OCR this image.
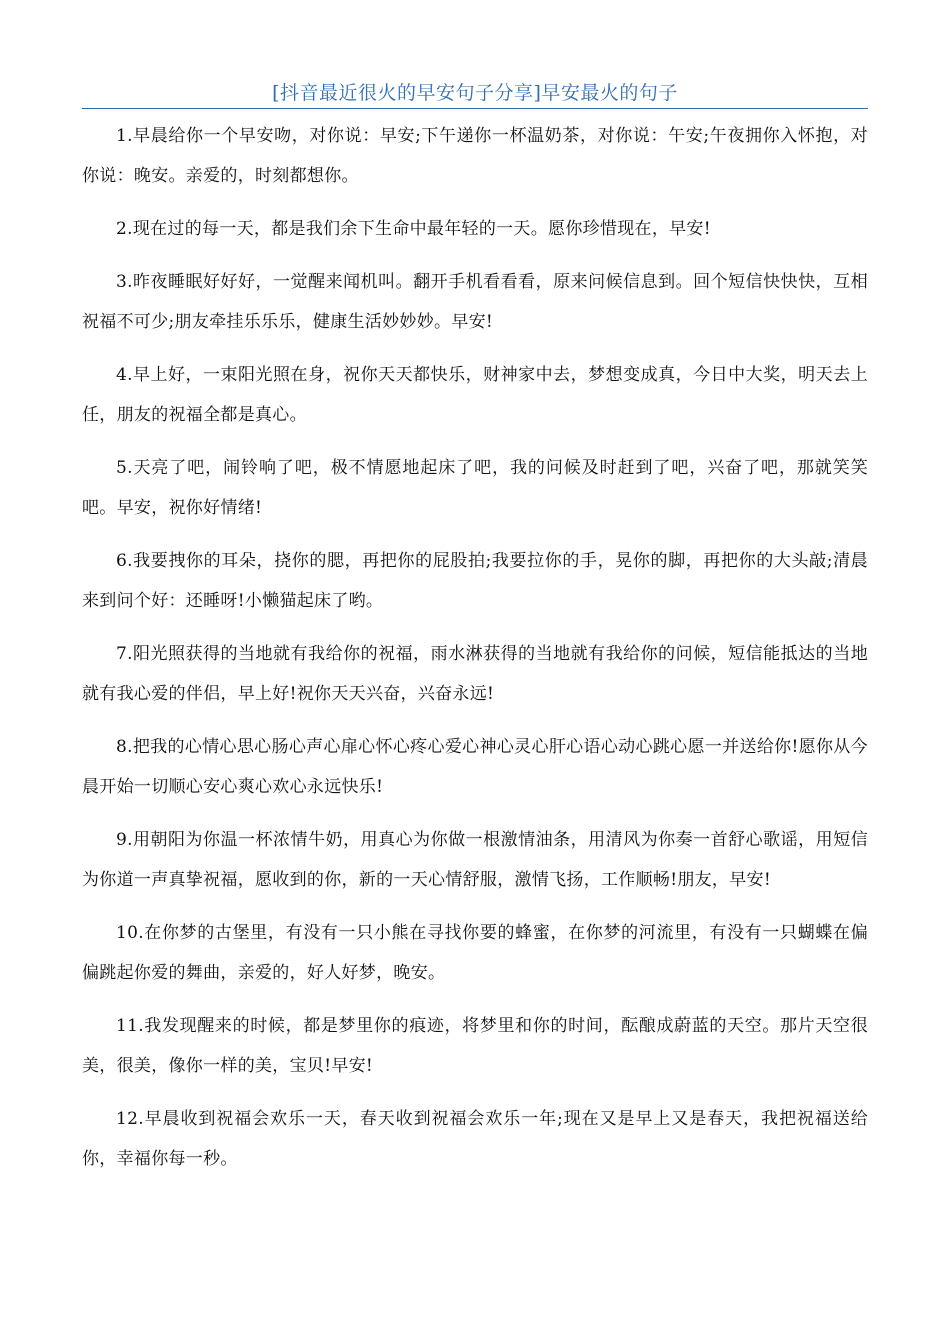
[抖音最近很火的早安句子分享]早安最火的句子

1.早晨给你一个早安吻，对你说：早安;下午递你一杯温奶茶，对你说：午安;午夜拥你入怀抱，对你说：晚安。亲爱的，时刻都想你。

2.现在过的每一天，都是我们余下生命中最年轻的一天。愿你珍惜现在，早安!

3.昨夜睡眠好好好，一觉醒来闻机叫。翻开手机看看看，原来问候信息到。回个短信快快快，互相祝福不可少;朋友牵挂乐乐乐，健康生活妙妙妙。早安!

4.早上好，一束阳光照在身，祝你天天都快乐，财神家中去，梦想变成真，今日中大奖，明天去上任，朋友的祝福全都是真心。

5.天亮了吧，闹铃响了吧，极不情愿地起床了吧，我的问候及时赶到了吧，兴奋了吧，那就笑笑吧。早安，祝你好情绪!

6.我要拽你的耳朵，挠你的腮，再把你的屁股拍;我要拉你的手，晃你的脚，再把你的大头敲;清晨来到问个好：还睡呀!小懒猫起床了哟。

7.阳光照获得的当地就有我给你的祝福，雨水淋获得的当地就有我给你的问候，短信能抵达的当地就有我心爱的伴侣，早上好!祝你天天兴奋，兴奋永远!

8.把我的心情心思心肠心声心扉心怀心疼心爱心神心灵心肝心语心动心跳心愿一并送给你!愿你从今晨开始一切顺心安心爽心欢心永远快乐!

9.用朝阳为你温一杯浓情牛奶，用真心为你做一根激情油条，用清风为你奏一首舒心歌谣，用短信为你道一声真挚祝福，愿收到的你，新的一天心情舒服，激情飞扬，工作顺畅!朋友，早安!

10.在你梦的古堡里，有没有一只小熊在寻找你要的蜂蜜，在你梦的河流里，有没有一只蝴蝶在偏偏跳起你爱的舞曲，亲爱的，好人好梦，晚安。

11.我发现醒来的时候，都是梦里你的痕迹，将梦里和你的时间，酝酿成蔚蓝的天空。那片天空很美，很美，像你一样的美，宝贝!早安!

12.早晨收到祝福会欢乐一天，春天收到祝福会欢乐一年;现在又是早上又是春天，我把祝福送给你，幸福你每一秒。
